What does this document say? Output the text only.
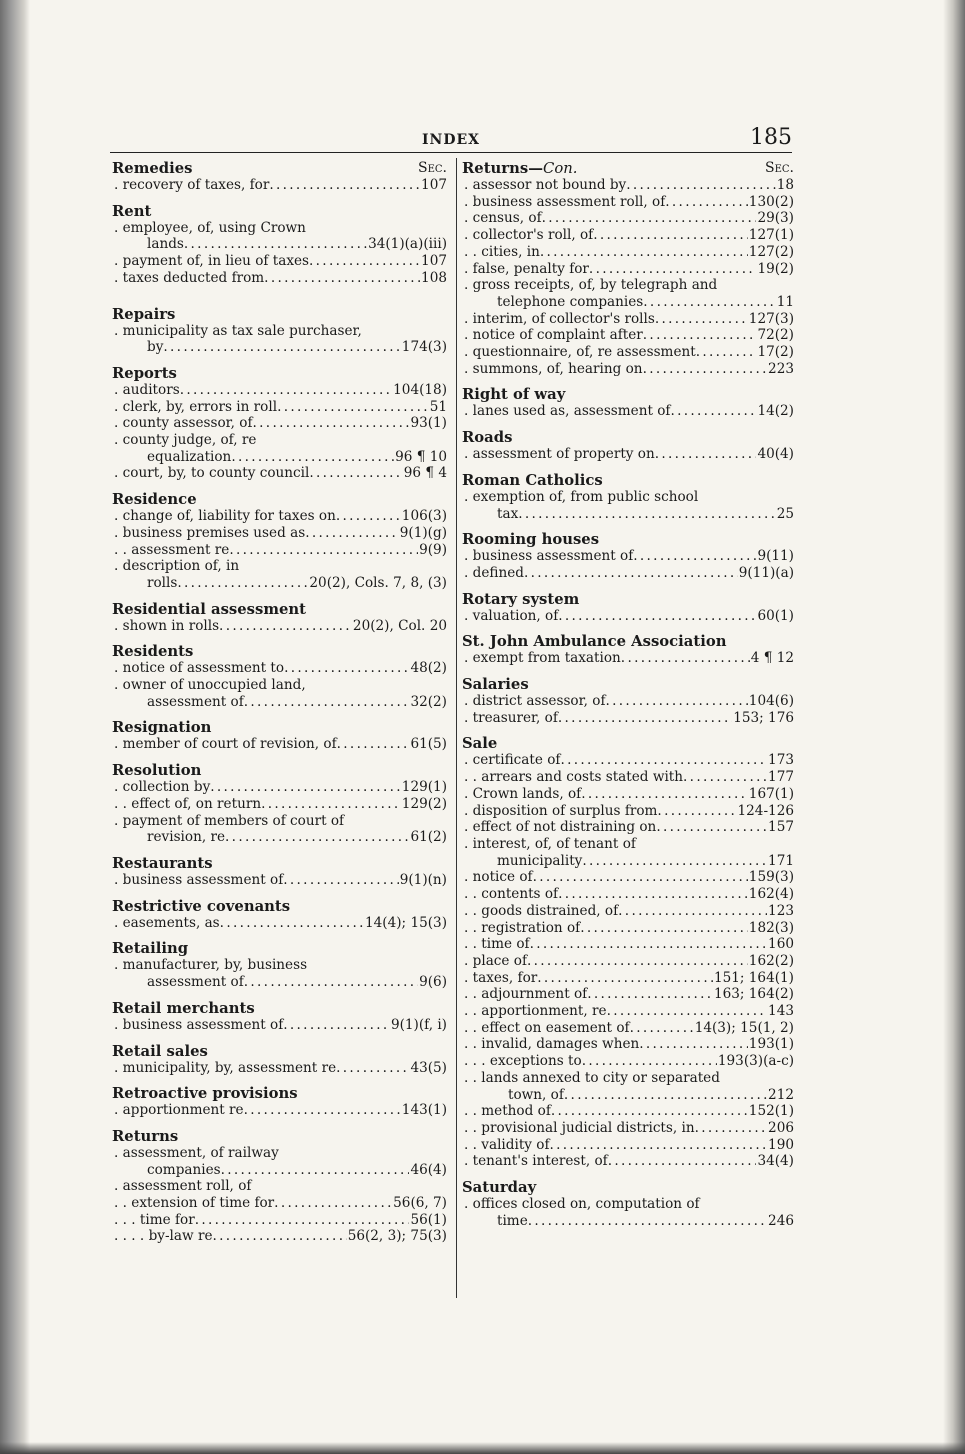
INDEX	185
Remedies	Sec.
. recovery of taxes, for . . .	107
Rent
. employee, of, using Crown
lands . . .	34(1)(a)(iii)
. payment of, in lieu of taxes . . .	107
. taxes deducted from . . .	108
Repairs
. municipality as tax sale purchaser,
by . . .	174(3)
Reports
. auditors . . .	104(18)
. clerk, by, errors in roll . . .	51
. county assessor, of . . .	93(1)
. county judge, of, re
equalization . . .	96 ¶ 10
. court, by, to county council . . .	96 ¶ 4
Residence
. change of, liability for taxes on . . .	106(3)
. business premises used as . . .	9(1)(g)
. . assessment re . . .	9(9)
. description of, in
rolls . . .	20(2), Cols. 7, 8, (3)
Residential assessment
. shown in rolls . . .	20(2), Col. 20
Residents
. notice of assessment to . . .	48(2)
. owner of unoccupied land,
assessment of . . .	32(2)
Resignation
. member of court of revision, of . . .	61(5)
Resolution
. collection by . . .	129(1)
. . effect of, on return . . .	129(2)
. payment of members of court of
revision, re . . .	61(2)
Restaurants
. business assessment of . . .	9(1)(n)
Restrictive covenants
. easements, as . . .	14(4); 15(3)
Retailing
. manufacturer, by, business
assessment of . . .	9(6)
Retail merchants
. business assessment of . . .	9(1)(f, i)
Retail sales
. municipality, by, assessment re . . .	43(5)
Retroactive provisions
. apportionment re . . .	143(1)
Returns
. assessment, of railway
companies . . .	46(4)
. assessment roll, of
. . extension of time for . . .	56(6, 7)
. . . time for . . .	56(1)
. . . . by-law re . . .	56(2, 3); 75(3)
Returns—Con.	Sec.
. assessor not bound by . . .	18
. business assessment roll, of . . .	130(2)
. census, of . . .	29(3)
. collector's roll, of . . .	127(1)
. . cities, in . . .	127(2)
. false, penalty for . . .	19(2)
. gross receipts, of, by telegraph and
telephone companies . . .	11
. interim, of collector's rolls . . .	127(3)
. notice of complaint after . . .	72(2)
. questionnaire, of, re assessment . . .	17(2)
. summons, of, hearing on . . .	223
Right of way
. lanes used as, assessment of . . .	14(2)
Roads
. assessment of property on . . .	40(4)
Roman Catholics
. exemption of, from public school
tax . . .	25
Rooming houses
. business assessment of . . .	9(11)
. defined . . .	9(11)(a)
Rotary system
. valuation, of . . .	60(1)
St. John Ambulance Association
. exempt from taxation . . .	4 ¶ 12
Salaries
. district assessor, of . . .	104(6)
. treasurer, of . . .	153; 176
Sale
. certificate of . . .	173
. . arrears and costs stated with . . .	177
. Crown lands, of . . .	167(1)
. disposition of surplus from . . .	124-126
. effect of not distraining on . . .	157
. interest, of, of tenant of
municipality . . .	171
. notice of . . .	159(3)
. . contents of . . .	162(4)
. . goods distrained, of . . .	123
. . registration of . . .	182(3)
. . time of . . .	160
. place of . . .	162(2)
. taxes, for . . .	151; 164(1)
. . adjournment of . . .	163; 164(2)
. . apportionment, re . . .	143
. . effect on easement of . . .	14(3); 15(1, 2)
. . invalid, damages when . . .	193(1)
. . . exceptions to . . .	193(3)(a-c)
. . lands annexed to city or separated
town, of . . .	212
. . method of . . .	152(1)
. . provisional judicial districts, in . . .	206
. . validity of . . .	190
. tenant's interest, of . . .	34(4)
Saturday
. offices closed on, computation of
time . . .	246
